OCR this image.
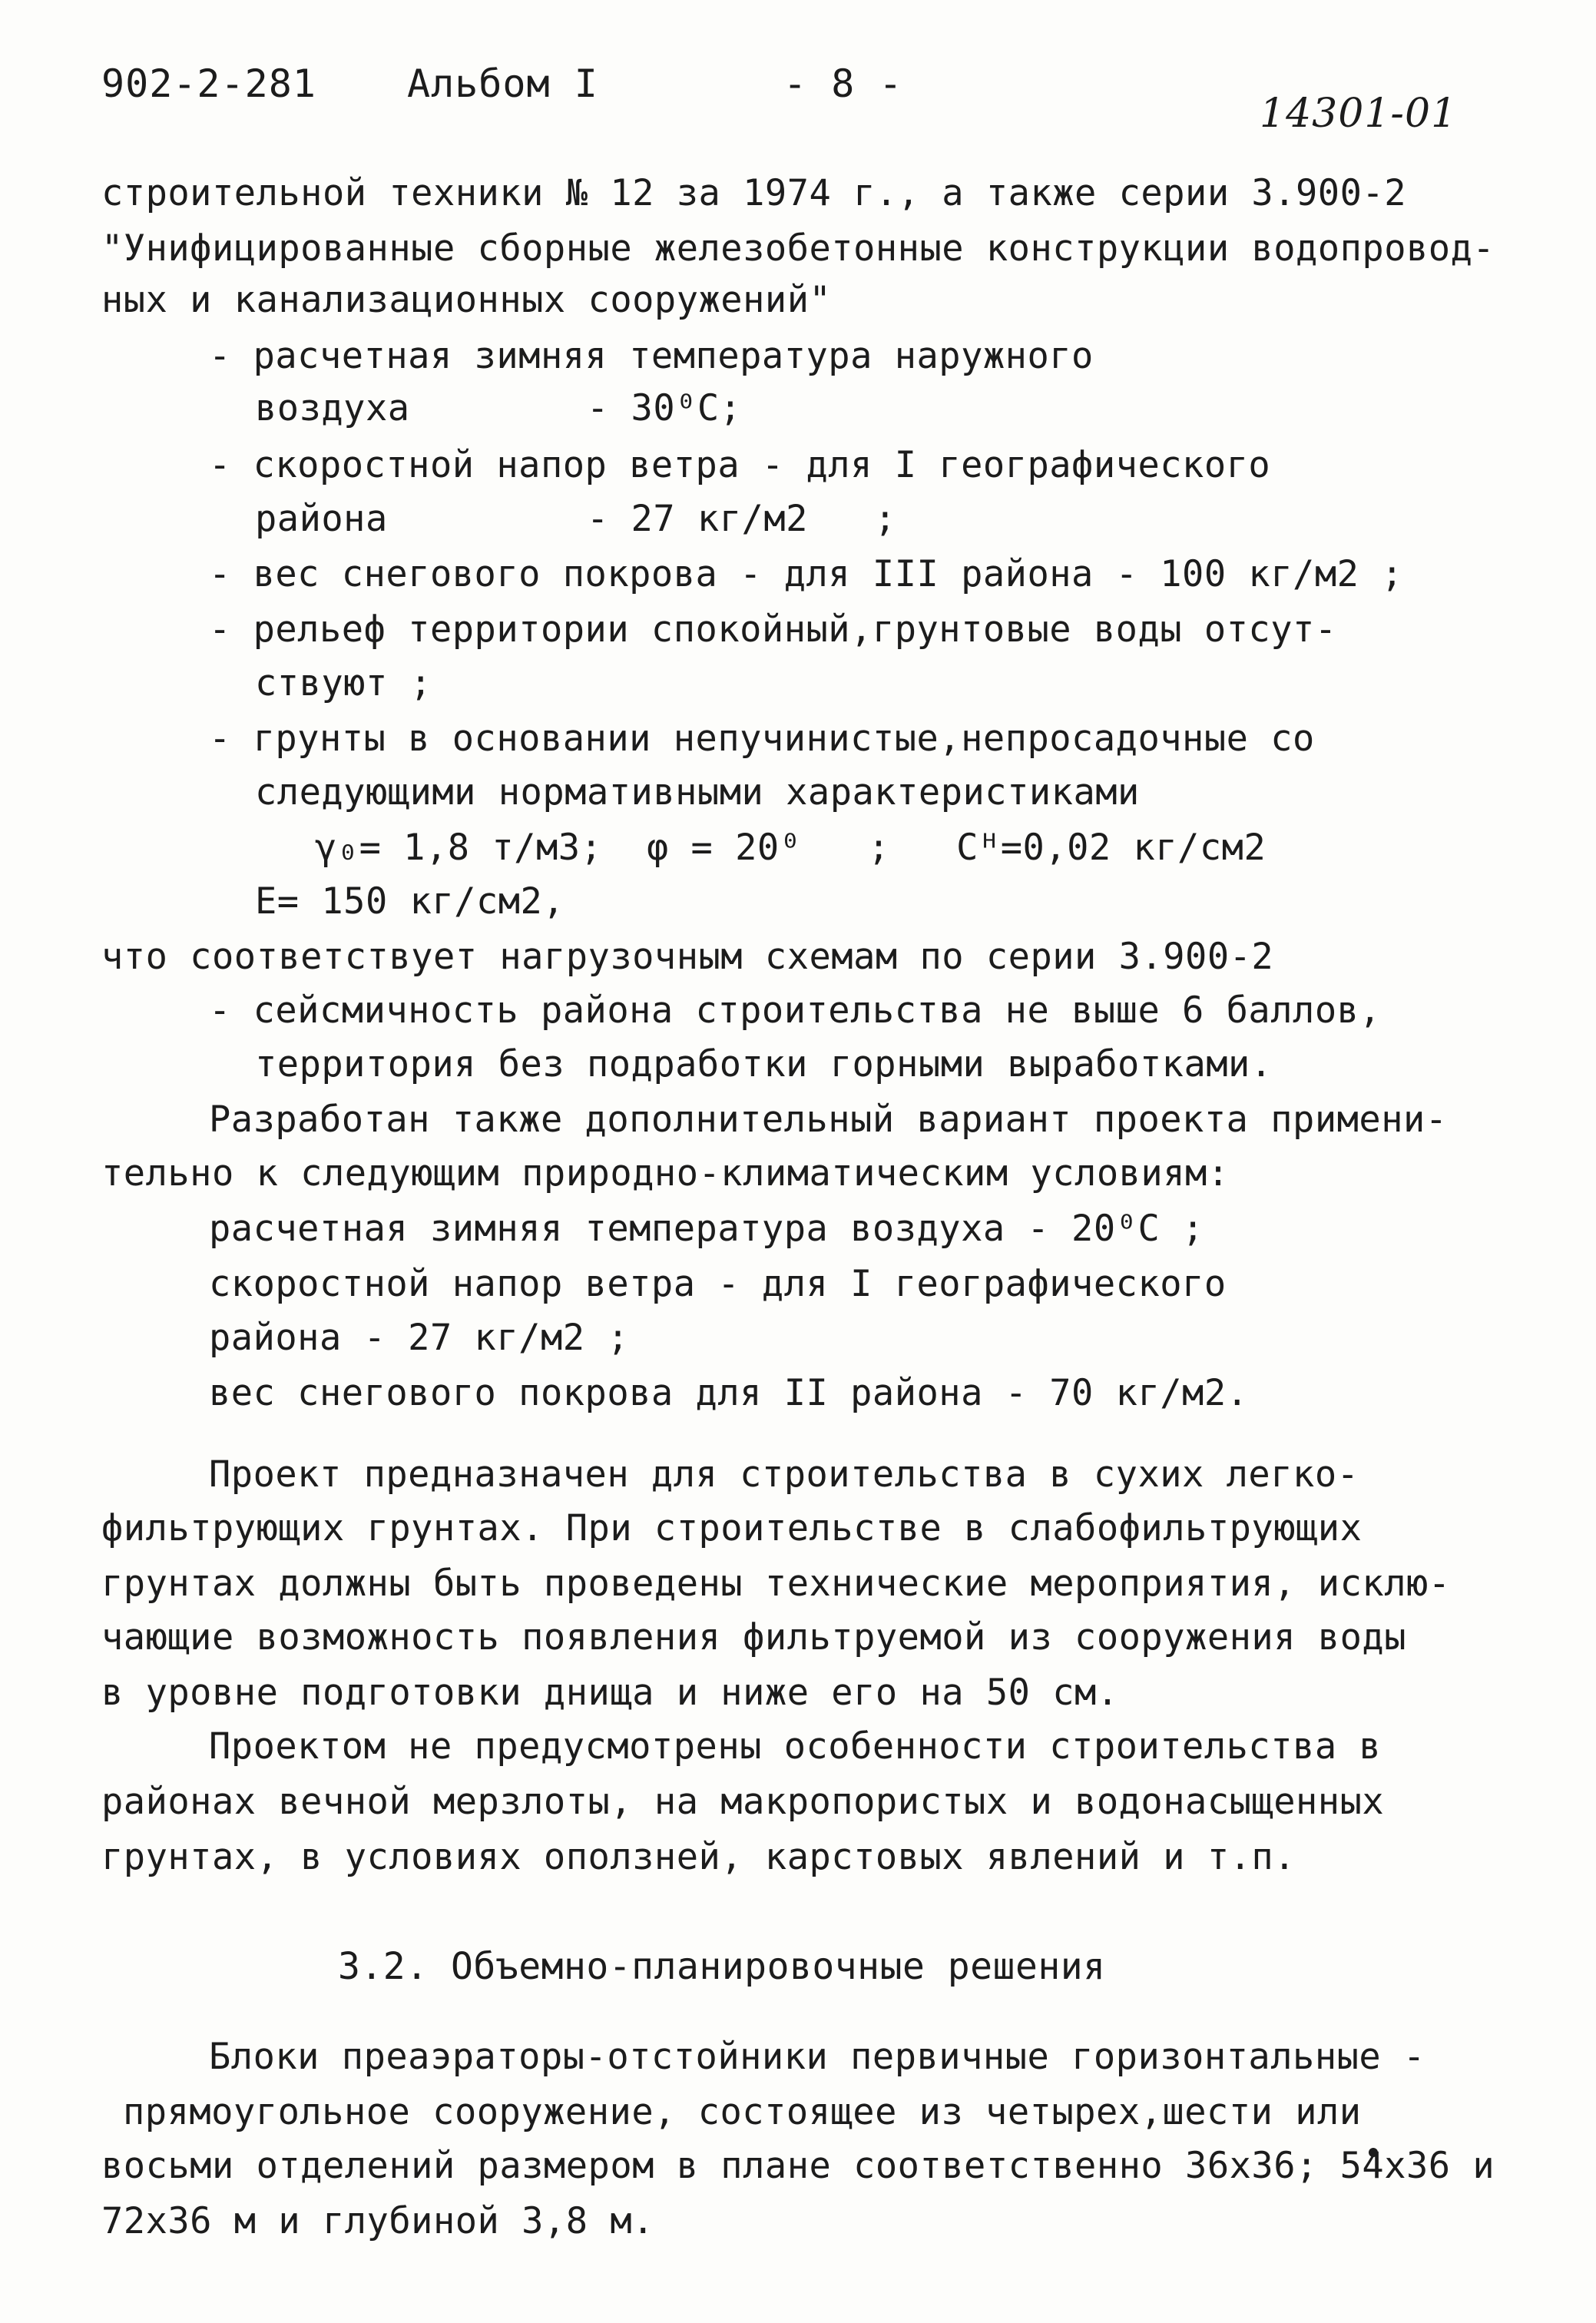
902-2-281 Альбом I	- 8 -
14301-01
строительной техники № 12 за 1974 г., а также серии 3.900-2
"Унифицированные сборные железобетонные конструкции водопровод-
ных и канализационных сооружений"
- расчетная зимняя температура наружного
воздуха        - 30⁰С;
- скоростной напор ветра - для I географического
района         - 27 кг/м2   ;
- вес снегового покрова - для III района - 100 кг/м2 ;
- рельеф территории спокойный,грунтовые воды отсут-
ствуют ;
- грунты в основании непучинистые,непросадочные со
следующими нормативными характеристиками
γ₀= 1,8 т/м3;  φ = 20⁰   ;   Cᴴ=0,02 кг/см2
E= 150 кг/см2,
что соответствует нагрузочным схемам по серии 3.900-2
- сейсмичность района строительства не выше 6 баллов,
территория без подработки горными выработками.
Разработан также дополнительный вариант проекта примени-
тельно к следующим природно-климатическим условиям:
расчетная зимняя температура воздуха - 20⁰С ;
скоростной напор ветра - для I географического
района - 27 кг/м2 ;
вес снегового покрова для II района - 70 кг/м2.
Проект предназначен для строительства в сухих легко-
фильтрующих грунтах. При строительстве в слабофильтрующих
грунтах должны быть проведены технические мероприятия, исклю-
чающие возможность появления фильтруемой из сооружения воды
в уровне подготовки днища и ниже его на 50 см.
Проектом не предусмотрены особенности строительства в
районах вечной мерзлоты, на макропористых и водонасыщенных
грунтах, в условиях оползней, карстовых явлений и т.п.
3.2. Объемно-планировочные решения
Блоки преаэраторы-отстойники первичные горизонтальные -
прямоугольное сооружение, состоящее из четырех,шести или
восьми отделений размером в плане соответственно 36х36; 54х36 и
72х36 м и глубиной 3,8 м.
